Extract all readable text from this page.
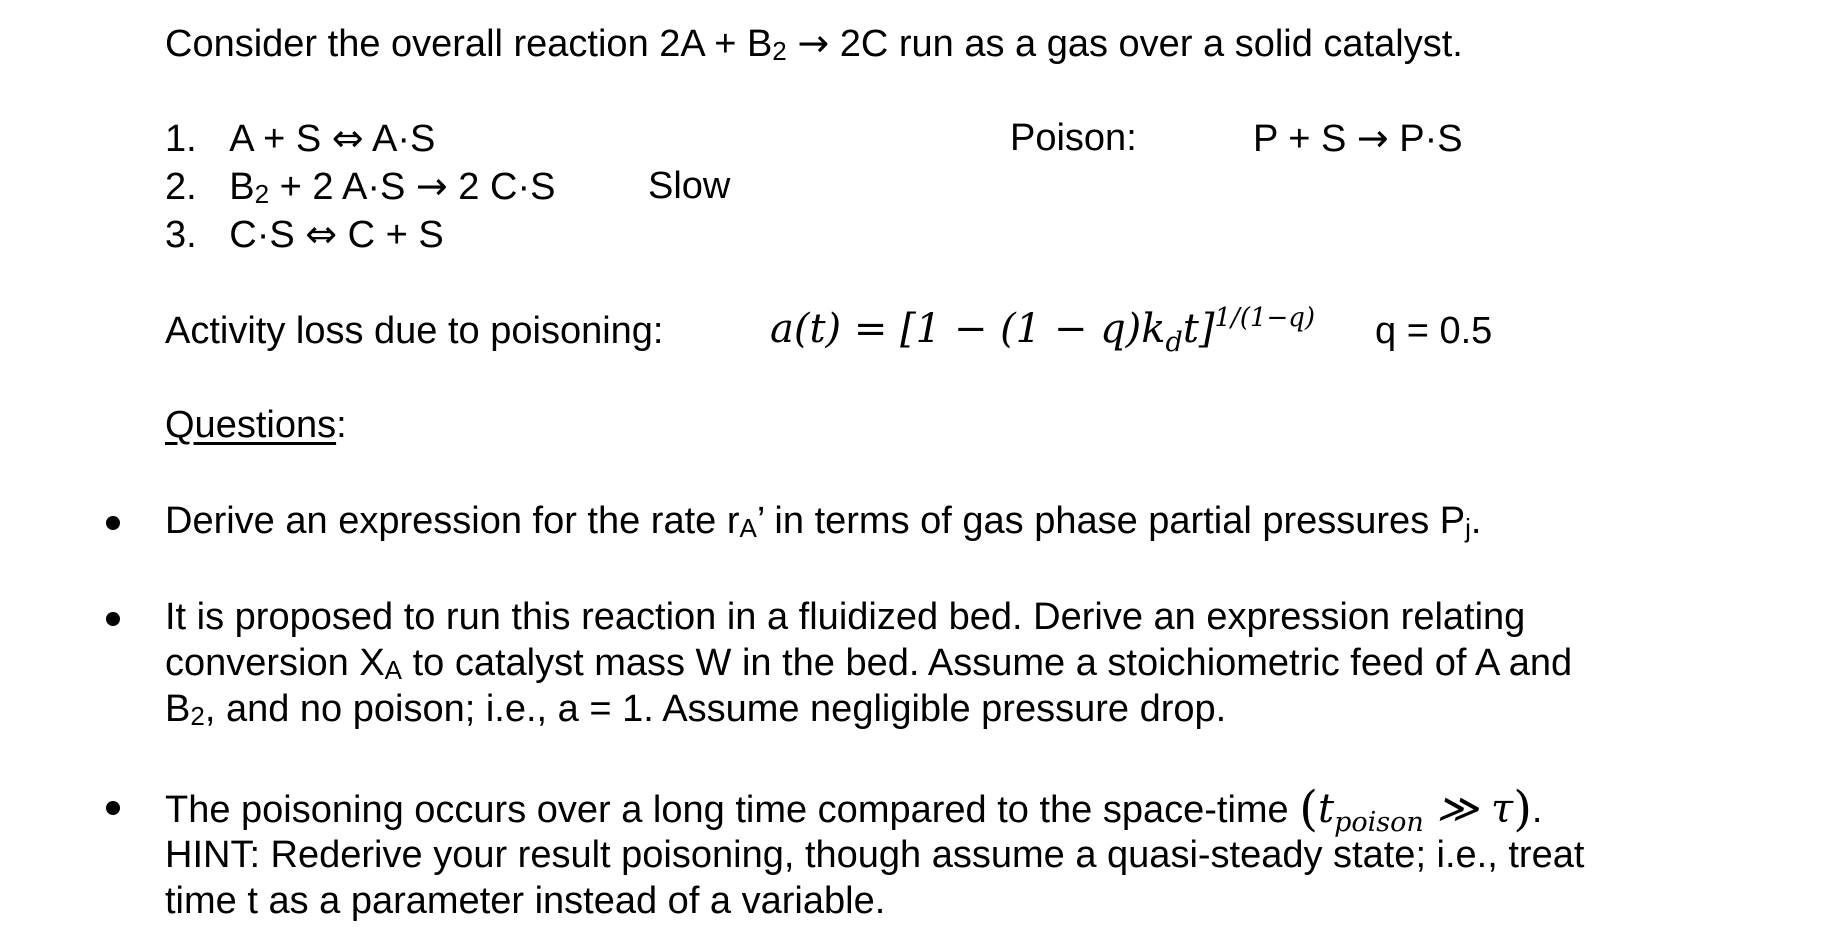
Consider the overall reaction 2A + B2 → 2C run as a gas over a solid catalyst.
1. A + S ⇔ A·S	Poison:	P + S → P·S
2. B2 + 2 A·S → 2 C·S Slow
3. C·S ⇔ C + S
Activity loss due to poisoning:	$a(t) = [1 - (1 - q)k_dt]^{1/(1-q)}$ q = 0.5
Questions:
Derive an expression for the rate rA’ in terms of gas phase partial pressures Pj.
It is proposed to run this reaction in a fluidized bed. Derive an expression relating
conversion XA to catalyst mass W in the bed. Assume a stoichiometric feed of A and
B2, and no poison; i.e., a = 1. Assume negligible pressure drop.
The poisoning occurs over a long time compared to the space-time ($t_{poison}$ ≫ τ).
HINT: Rederive your result poisoning, though assume a quasi-steady state; i.e., treat
time t as a parameter instead of a variable.
